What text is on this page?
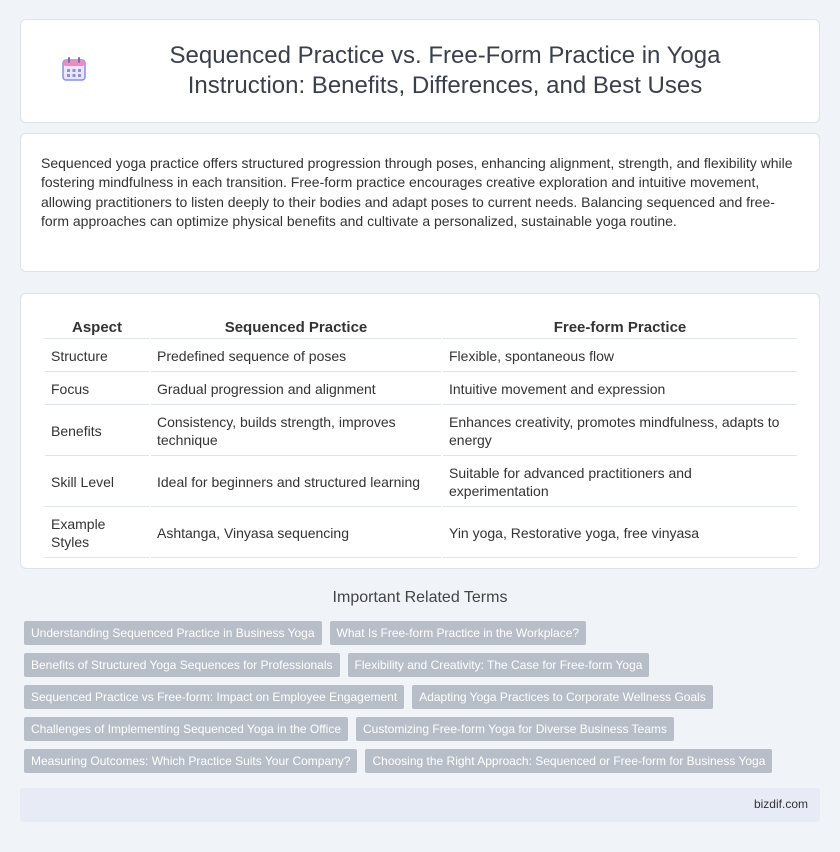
Sequenced Practice vs. Free-Form Practice in Yoga Instruction: Benefits, Differences, and Best Uses

Sequenced yoga practice offers structured progression through poses, enhancing alignment, strength, and flexibility while fostering mindfulness in each transition. Free-form practice encourages creative exploration and intuitive movement, allowing practitioners to listen deeply to their bodies and adapt poses to current needs. Balancing sequenced and free-form approaches can optimize physical benefits and cultivate a personalized, sustainable yoga routine.

Aspect	Sequenced Practice	Free-form Practice
Structure	Predefined sequence of poses	Flexible, spontaneous flow
Focus	Gradual progression and alignment	Intuitive movement and expression
Benefits	Consistency, builds strength, improves technique	Enhances creativity, promotes mindfulness, adapts to energy
Skill Level	Ideal for beginners and structured learning	Suitable for advanced practitioners and experimentation
Example Styles	Ashtanga, Vinyasa sequencing	Yin yoga, Restorative yoga, free vinyasa
Important Related Terms
Understanding Sequenced Practice in Business Yoga	What Is Free-form Practice in the Workplace?
Benefits of Structured Yoga Sequences for Professionals	Flexibility and Creativity: The Case for Free-form Yoga
Sequenced Practice vs Free-form: Impact on Employee Engagement	Adapting Yoga Practices to Corporate Wellness Goals
Challenges of Implementing Sequenced Yoga in the Office	Customizing Free-form Yoga for Diverse Business Teams
Measuring Outcomes: Which Practice Suits Your Company?	Choosing the Right Approach: Sequenced or Free-form for Business Yoga
bizdif.com
